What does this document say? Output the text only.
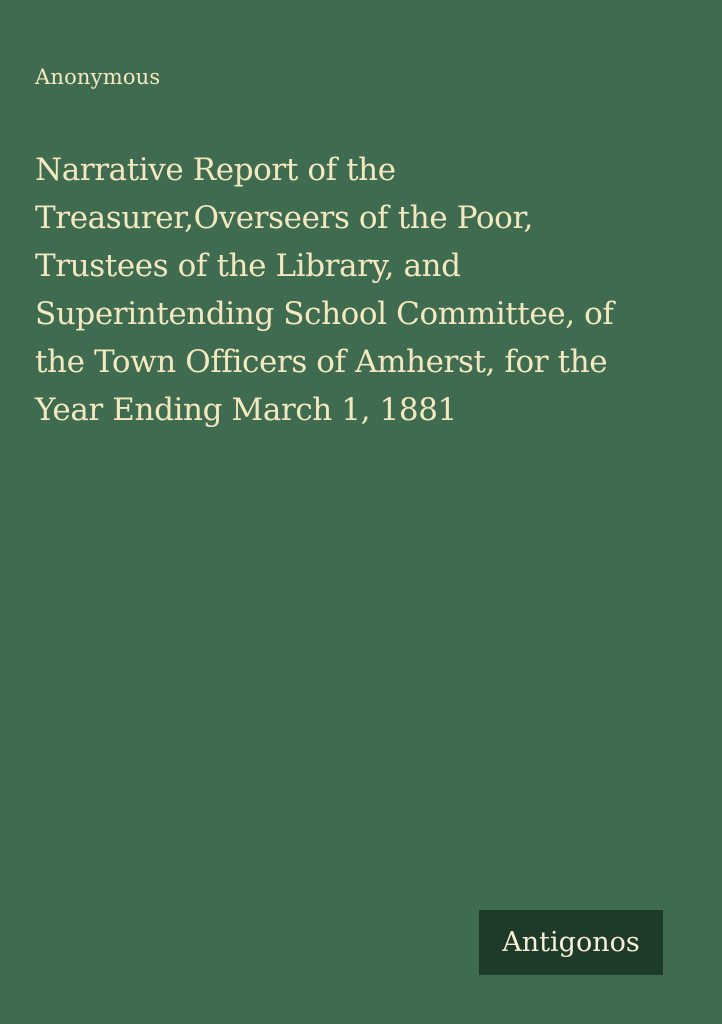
Anonymous
Narrative Report of the
Treasurer,Overseers of the Poor,
Trustees of the Library, and
Superintending School Committee, of
the Town Officers of Amherst, for the
Year Ending March 1, 1881
Antigonos
